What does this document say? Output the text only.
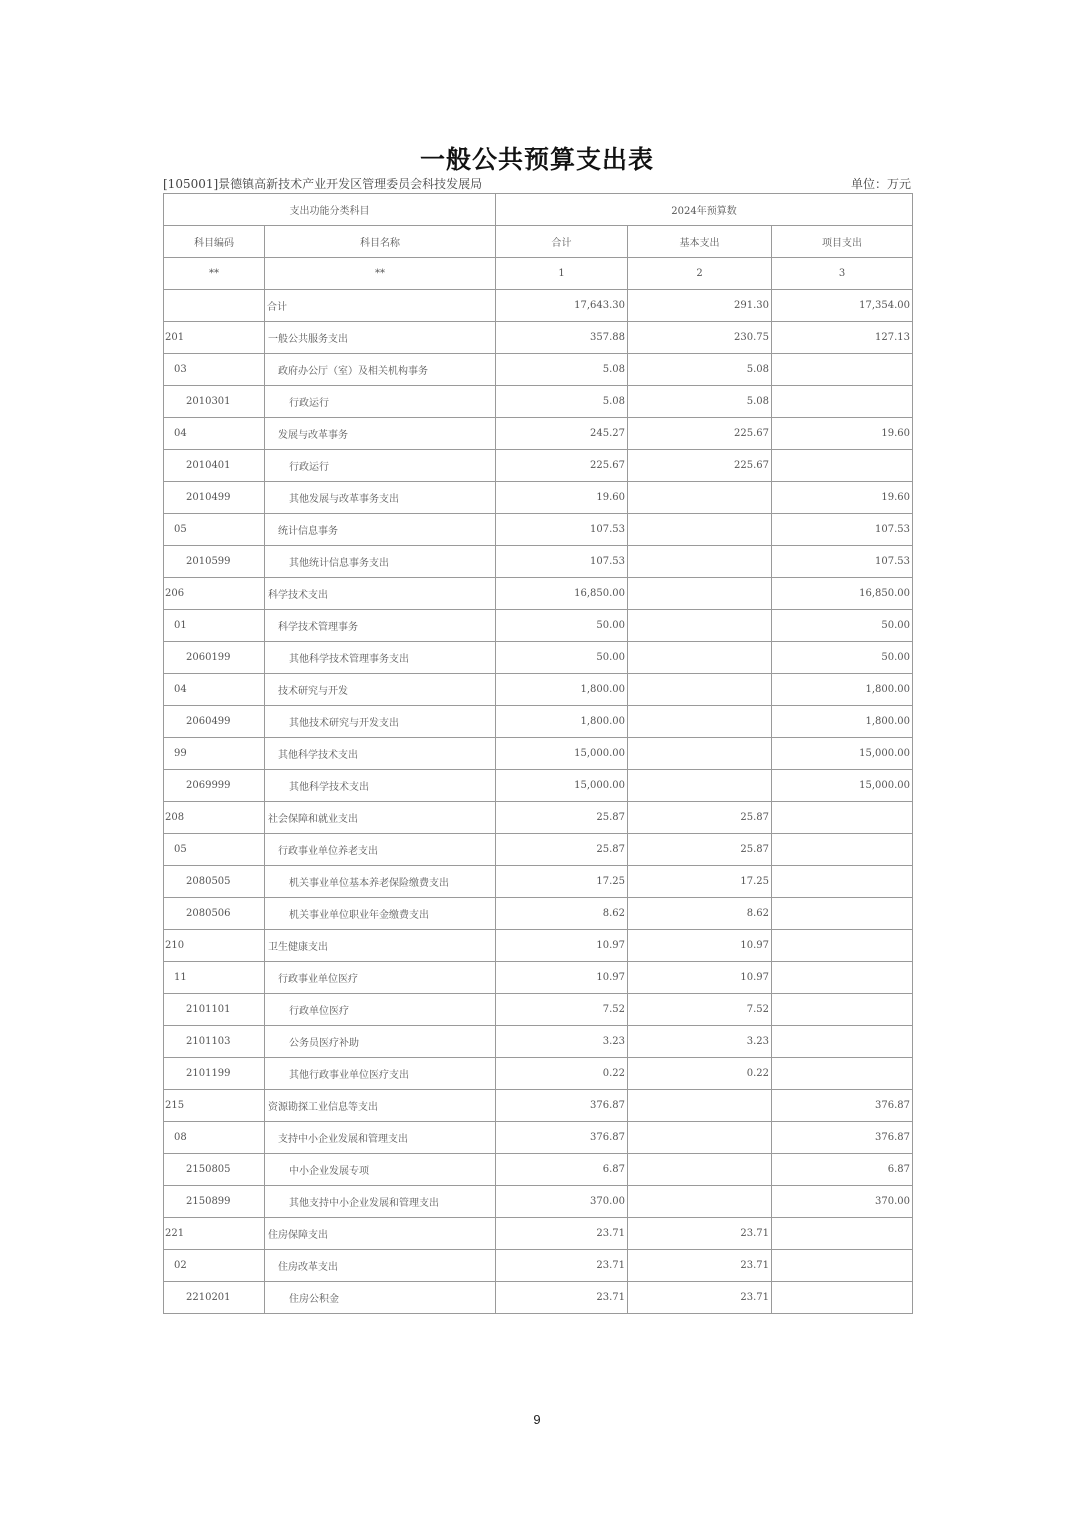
一般公共预算支出表
[105001]景德镇高新技术产业开发区管理委员会科技发展局	单位：万元
支出功能分类科目		2024年预算数		
科目编码	科目名称	合计	基本支出	项目支出
**	**	1	2	3
	合计	17,643.30	291.30	17,354.00
201	一般公共服务支出	357.88	230.75	127.13
03	政府办公厅（室）及相关机构事务	5.08	5.08	
2010301	行政运行	5.08	5.08	
04	发展与改革事务	245.27	225.67	19.60
2010401	行政运行	225.67	225.67	
2010499	其他发展与改革事务支出	19.60		19.60
05	统计信息事务	107.53		107.53
2010599	其他统计信息事务支出	107.53		107.53
206	科学技术支出	16,850.00		16,850.00
01	科学技术管理事务	50.00		50.00
2060199	其他科学技术管理事务支出	50.00		50.00
04	技术研究与开发	1,800.00		1,800.00
2060499	其他技术研究与开发支出	1,800.00		1,800.00
99	其他科学技术支出	15,000.00		15,000.00
2069999	其他科学技术支出	15,000.00		15,000.00
208	社会保障和就业支出	25.87	25.87	
05	行政事业单位养老支出	25.87	25.87	
2080505	机关事业单位基本养老保险缴费支出	17.25	17.25	
2080506	机关事业单位职业年金缴费支出	8.62	8.62	
210	卫生健康支出	10.97	10.97	
11	行政事业单位医疗	10.97	10.97	
2101101	行政单位医疗	7.52	7.52	
2101103	公务员医疗补助	3.23	3.23	
2101199	其他行政事业单位医疗支出	0.22	0.22	
215	资源勘探工业信息等支出	376.87		376.87
08	支持中小企业发展和管理支出	376.87		376.87
2150805	中小企业发展专项	6.87		6.87
2150899	其他支持中小企业发展和管理支出	370.00		370.00
221	住房保障支出	23.71	23.71	
02	住房改革支出	23.71	23.71	
2210201	住房公积金	23.71	23.71	
9
